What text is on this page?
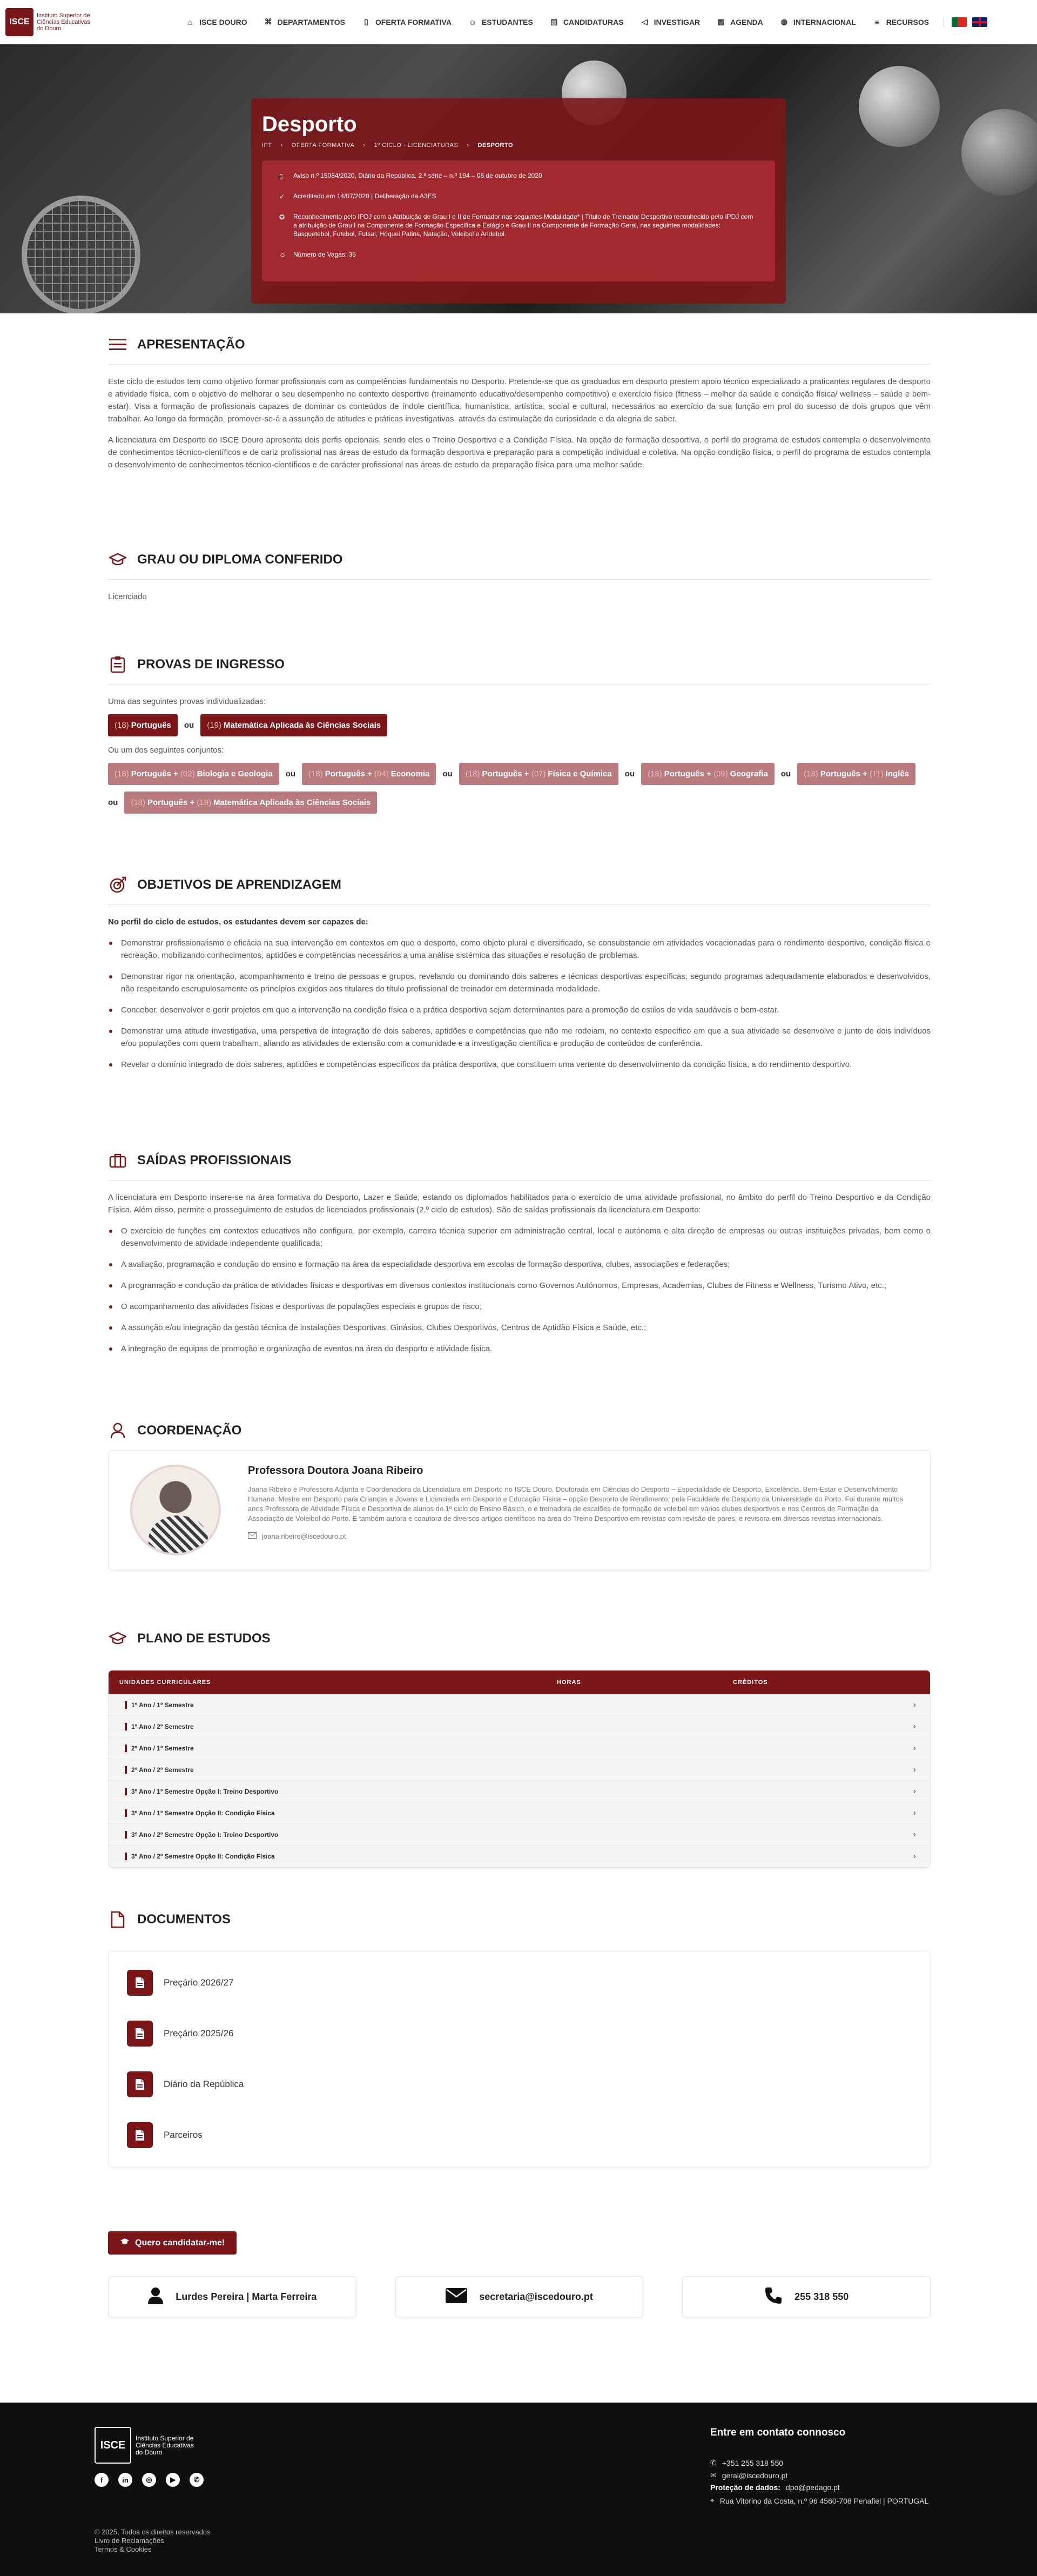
ISCE
Instituto Superior de Ciências Educativas do Douro
⌂ ISCE DOURO ⌘ DEPARTAMENTOS	▯ OFERTA FORMATIVA ☺ ESTUDANTES ▤ CANDIDATURAS ◁ INVESTIGAR ▦ AGENDA ◍ INTERNACIONAL	≡ RECURSOS
Desporto
IPT › OFERTA FORMATIVA › 1º CICLO - LICENCIATURAS › DESPORTO
▯	Aviso n.º 15084/2020, Diário da República, 2.ª série – n.º 194 – 06 de outubro de 2020
✓	Acreditado em 14/07/2020 | Deliberação da A3ES
✪	Reconhecimento pelo IPDJ com a Atribuição de Grau I e II de Formador nas seguintes Modalidade* | Título de Treinador Desportivo reconhecido pelo IPDJ com a atribuição de Grau I na Componente de Formação Específica e Estágio e Grau II na Componente de Formação Geral, nas seguintes modalidades: Basquetebol, Futebol, Futsal, Hóquei Patins, Natação, Voleibol e Andebol.
☺ Número de Vagas: 35
APRESENTAÇÃO

Este ciclo de estudos tem como objetivo formar profissionais com as competências fundamentais no Desporto. Pretende-se que os graduados em desporto prestem apoio técnico especializado a praticantes regulares de desporto e atividade física, com o objetivo de melhorar o seu desempenho no contexto desportivo (treinamento educativo/desempenho competitivo) e exercício físico (fitness – melhor da saúde e condição física/ wellness – saúde e bem-estar). Visa a formação de profissionais capazes de dominar os conteúdos de índole científica, humanística, artística, social e cultural, necessários ao exercício da sua função em prol do sucesso de dois grupos que vêm trabalhar. Ao longo da formação, promover-se-á a assunção de atitudes e práticas investigativas, através da estimulação da curiosidade e da alegria de saber.

A licenciatura em Desporto do ISCE Douro apresenta dois perfis opcionais, sendo eles o Treino Desportivo e a Condição Física. Na opção de formação desportiva, o perfil do programa de estudos contempla o desenvolvimento de conhecimentos técnico-científicos e de cariz profissional nas áreas de estudo da formação desportiva e preparação para a competição individual e coletiva. Na opção condição física, o perfil do programa de estudos contempla o desenvolvimento de conhecimentos técnico-científicos e de carácter profissional nas áreas de estudo da preparação física para uma melhor saúde.

GRAU OU DIPLOMA CONFERIDO

Licenciado

PROVAS DE INGRESSO

Uma das seguintes provas individualizadas:

(18) Português	ou	(19) Matemática Aplicada às Ciências Sociais

Ou um dos seguintes conjuntos:

(18) Português + (02) Biologia e Geologia	ou	(18) Português + (04) Economia	ou	(18) Português + (07) Física e Química	ou	(18) Português + (09) Geografia	ou	(18) Português + (11) Inglês
ou	(18) Português + (19) Matemática Aplicada às Ciências Sociais
OBJETIVOS DE APRENDIZAGEM

No perfil do ciclo de estudos, os estudantes devem ser capazes de:

Demonstrar profissionalismo e eficácia na sua intervenção em contextos em que o desporto, como objeto plural e diversificado, se consubstancie em atividades vocacionadas para o rendimento desportivo, condição física e recreação, mobilizando conhecimentos, aptidões e competências necessários a uma análise sistémica das situações e resolução de problemas.
Demonstrar rigor na orientação, acompanhamento e treino de pessoas e grupos, revelando ou dominando dois saberes e técnicas desportivas específicas, segundo programas adequadamente elaborados e desenvolvidos, não respeitando escrupulosamente os princípios exigidos aos titulares do título profissional de treinador em determinada modalidade.
Conceber, desenvolver e gerir projetos em que a intervenção na condição física e a prática desportiva sejam determinantes para a promoção de estilos de vida saudáveis e bem-estar.
Demonstrar uma atitude investigativa, uma perspetiva de integração de dois saberes, aptidões e competências que não me rodeiam, no contexto específico em que a sua atividade se desenvolve e junto de dois indivíduos e/ou populações com quem trabalham, aliando as atividades de extensão com a comunidade e a investigação científica e produção de conteúdos de conferência.
Revelar o domínio integrado de dois saberes, aptidões e competências específicos da prática desportiva, que constituem uma vertente do desenvolvimento da condição física, a do rendimento desportivo.
SAÍDAS PROFISSIONAIS

A licenciatura em Desporto insere-se na área formativa do Desporto, Lazer e Saúde, estando os diplomados habilitados para o exercício de uma atividade profissional, no âmbito do perfil do Treino Desportivo e da Condição Física. Além disso, permite o prosseguimento de estudos de licenciados profissionais (2.º ciclo de estudos). São de saídas profissionais da licenciatura em Desporto:

O exercício de funções em contextos educativos não configura, por exemplo, carreira técnica superior em administração central, local e autónoma e alta direção de empresas ou outras instituições privadas, bem como o desenvolvimento de atividade independente qualificada;
A avaliação, programação e condução do ensino e formação na área da especialidade desportiva em escolas de formação desportiva, clubes, associações e federações;
A programação e condução da prática de atividades físicas e desportivas em diversos contextos institucionais como Governos Autónomos, Empresas, Academias, Clubes de Fitness e Wellness, Turismo Ativo, etc.;
O acompanhamento das atividades físicas e desportivas de populações especiais e grupos de risco;
A assunção e/ou integração da gestão técnica de instalações Desportivas, Ginásios, Clubes Desportivos, Centros de Aptidão Física e Saúde, etc.;
A integração de equipas de promoção e organização de eventos na área do desporto e atividade física.
COORDENAÇÃO
Professora Doutora Joana Ribeiro
Joana Ribeiro é Professora Adjunta e Coordenadora da Licenciatura em Desporto no ISCE Douro. Doutorada em Ciências do Desporto – Especialidade de Desporto, Excelência, Bem-Estar e Desenvolvimento Humano. Mestre em Desporto para Crianças e Jovens e Licenciada em Desporto e Educação Física – opção Desporto de Rendimento, pela Faculdade de Desporto da Universidade do Porto. Foi durante muitos anos Professora de Atividade Física e Desportiva de alunos do 1º ciclo do Ensino Básico, e é treinadora de escalões de formação de voleibol em vários clubes desportivos e nos Centros de Formação da Associação de Voleibol do Porto. É também autora e coautora de diversos artigos científicos na área do Treino Desportivo em revistas com revisão de pares, e revisora em diversas revistas internacionais.
joana.ribeiro@iscedouro.pt
PLANO DE ESTUDOS
UNIDADES CURRICULARES	HORAS	CRÉDITOS
1º Ano / 1º Semestre	›
1º Ano / 2º Semestre	›
2º Ano / 1º Semestre	›
2º Ano / 2º Semestre	›
3º Ano / 1º Semestre Opção I: Treino Desportivo	›
3º Ano / 1º Semestre Opção II: Condição Física	›
3º Ano / 2º Semestre Opção I: Treino Desportivo	›
3º Ano / 2º Semestre Opção II: Condição Física	›
DOCUMENTOS
Preçário 2026/27
Preçário 2025/26
Diário da República
Parceiros
Quero candidatar-me!
Lurdes Pereira | Marta Ferreira	secretaria@iscedouro.pt	255 318 550
ISCE
Instituto Superior de Ciências Educativas do Douro
f	in	◎	▶	✆
© 2025, Todos os direitos reservados
Livro de Reclamações
Termos & Cookies
Entre em contato connosco
✆ +351 255 318 550
✉ geral@iscedouro.pt
Proteção de dados: dpo@pedago.pt
⌖ Rua Vitorino da Costa, n.º 96 4560-708 Penafiel | PORTUGAL
